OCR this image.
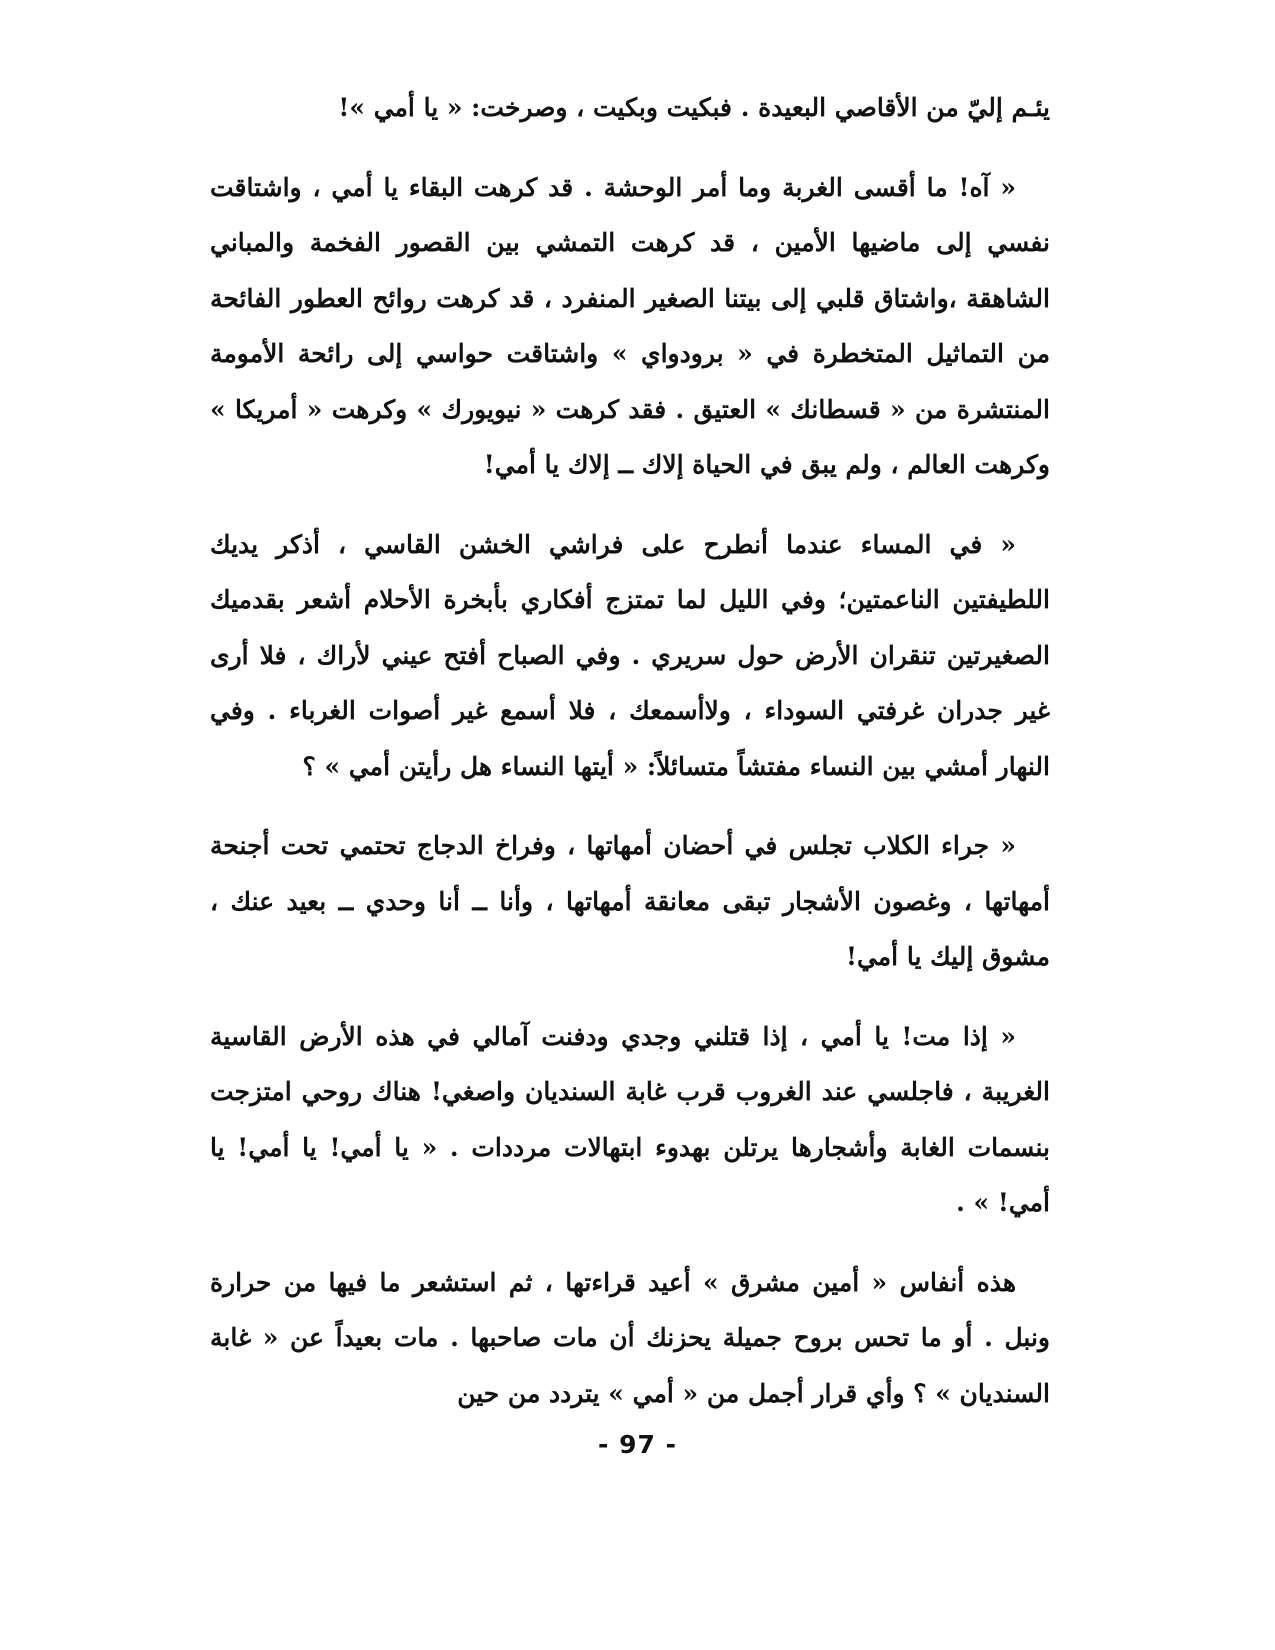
يئـم إليّ من الأقاصي البعيدة . فبكيت وبكيت ، وصرخت: « يا أمي »!

« آه! ما أقسى الغربة وما أمر الوحشة . قد كرهت البقاء يا أمي ، واشتاقت نفسي إلى ماضيها الأمين ، قد كرهت التمشي بين القصور الفخمة والمباني الشاهقة ،واشتاق قلبي إلى بيتنا الصغير المنفرد ، قد كرهت روائح العطور الفائحة من التماثيل المتخطرة في « برودواي » واشتاقت حواسي إلى رائحة الأمومة المنتشرة من « قسطانك » العتيق . فقد كرهت « نيويورك » وكرهت « أمريكا » وكرهت العالم ، ولم يبق في الحياة إلاك ــ إلاك يا أمي!

« في المساء عندما أنطرح على فراشي الخشن القاسي ، أذكر يديك اللطيفتين الناعمتين؛ وفي الليل لما تمتزج أفكاري بأبخرة الأحلام أشعر بقدميك الصغيرتين تنقران الأرض حول سريري . وفي الصباح أفتح عيني لأراك ، فلا أرى غير جدران غرفتي السوداء ، ولاأسمعك ، فلا أسمع غير أصوات الغرباء . وفي النهار أمشي بين النساء مفتشاً متسائلاً: « أيتها النساء هل رأيتن أمي » ؟

« جراء الكلاب تجلس في أحضان أمهاتها ، وفراخ الدجاج تحتمي تحت أجنحة أمهاتها ، وغصون الأشجار تبقى معانقة أمهاتها ، وأنا ــ أنا وحدي ــ بعيد عنك ، مشوق إليك يا أمي!

« إذا مت! يا أمي ، إذا قتلني وجدي ودفنت آمالي في هذه الأرض القاسية الغريبة ، فاجلسي عند الغروب قرب غابة السنديان واصغي! هناك روحي امتزجت بنسمات الغابة وأشجارها يرتلن بهدوء ابتهالات مرددات . « يا أمي! يا أمي! يا أمي! » .

هذه أنفاس « أمين مشرق » أعيد قراءتها ، ثم استشعر ما فيها من حرارة ونبل . أو ما تحس بروح جميلة يحزنك أن مات صاحبها . مات بعيداً عن « غابة السنديان » ؟ وأي قرار أجمل من « أمي » يتردد من حين

- 97 -
